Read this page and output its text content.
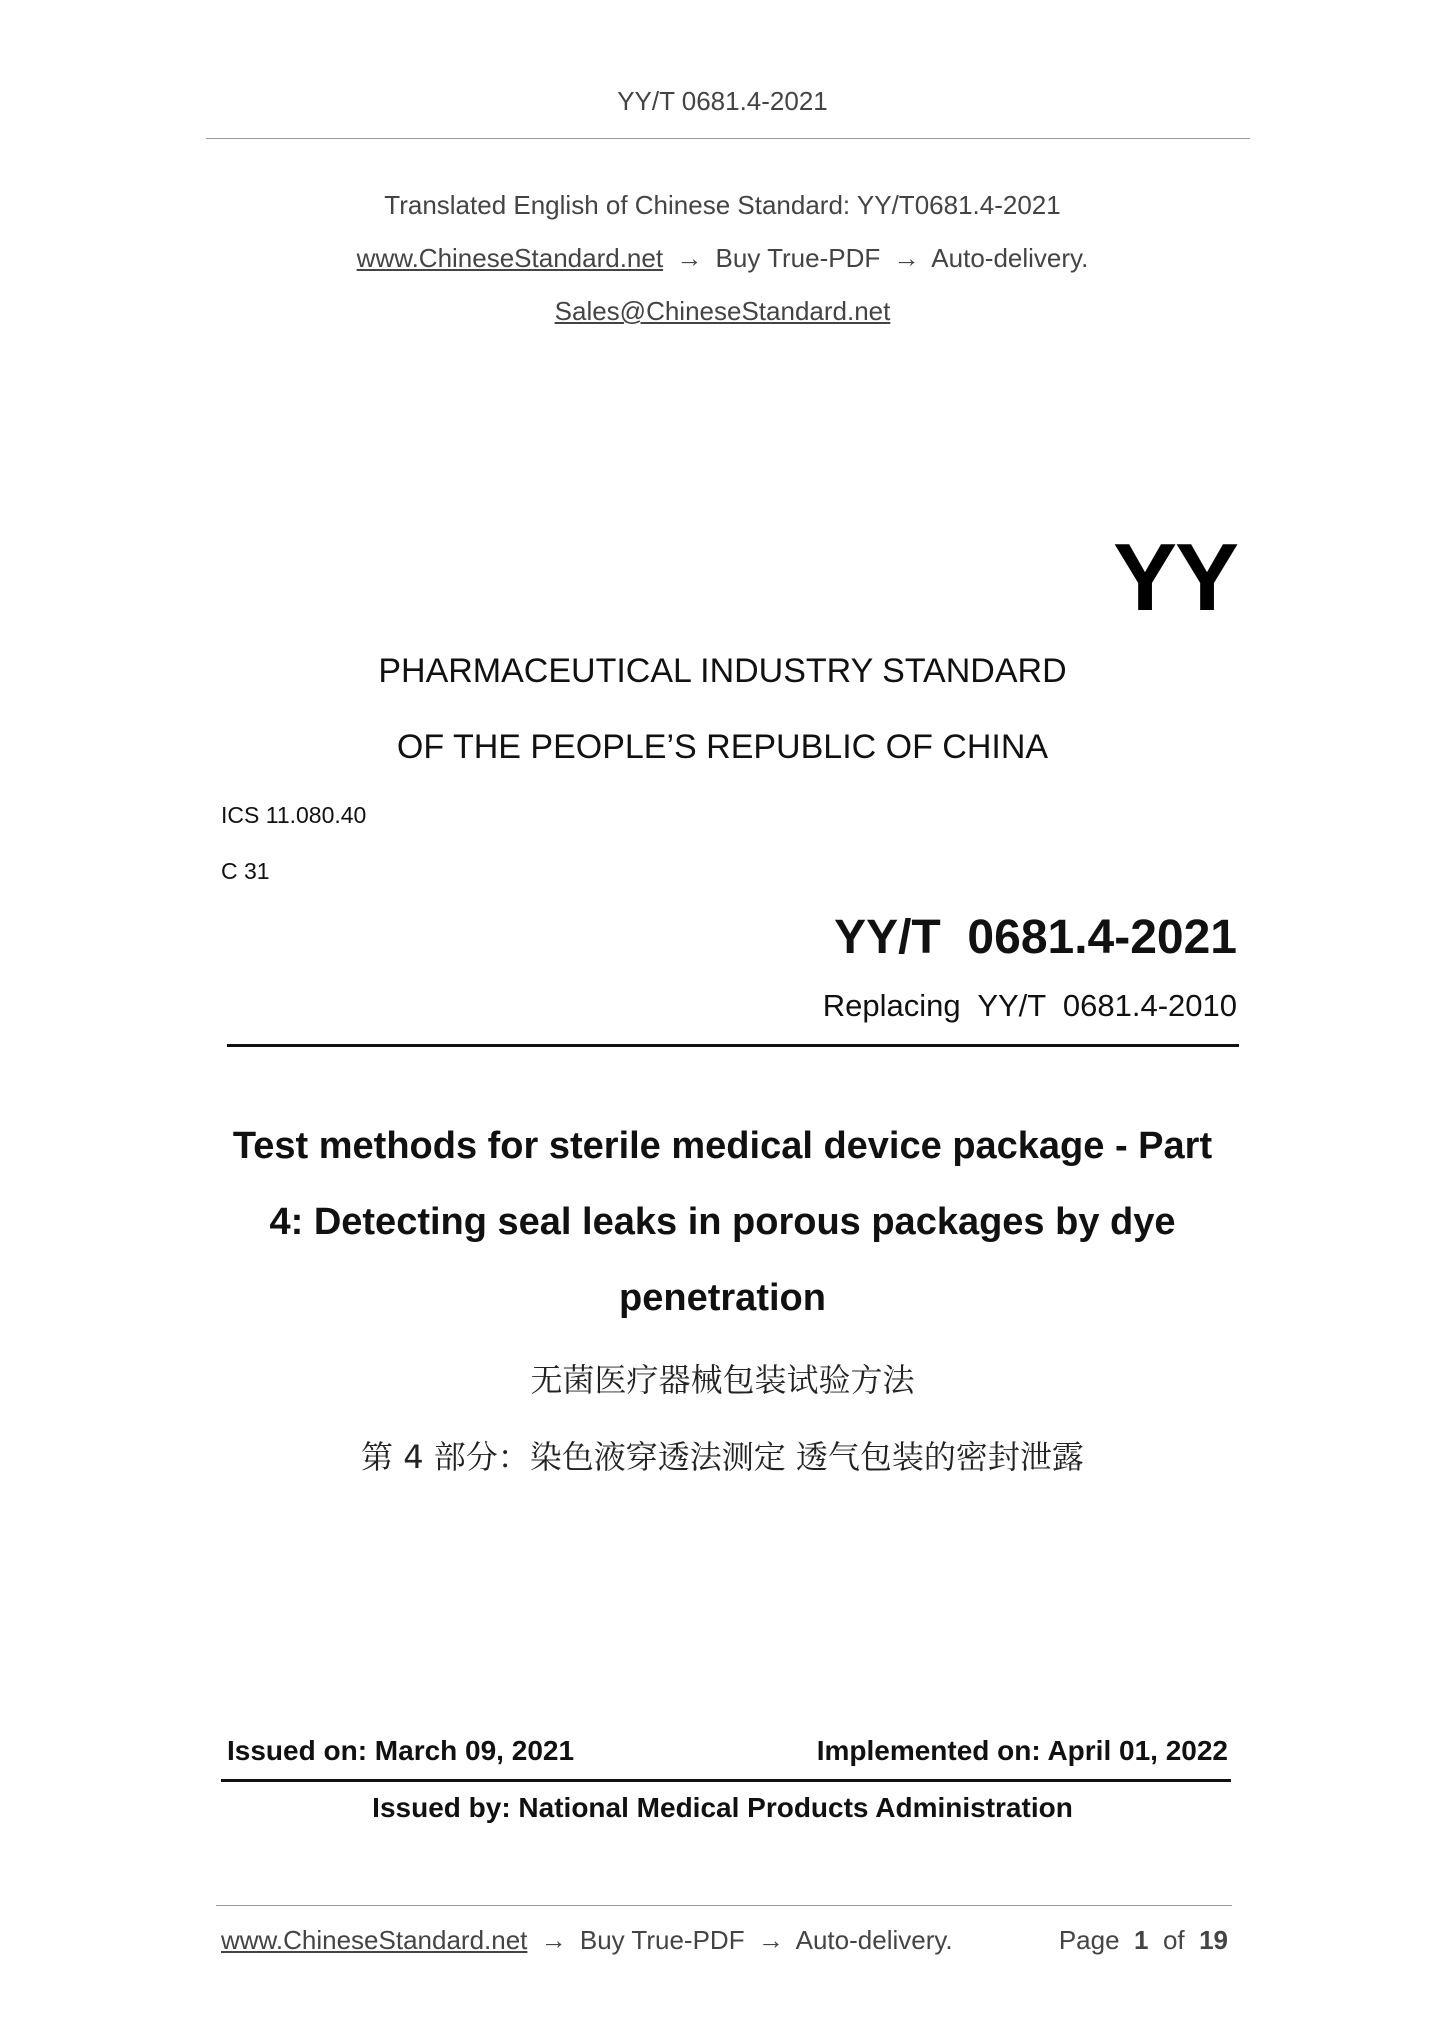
YY/T 0681.4-2021
Translated English of Chinese Standard: YY/T0681.4-2021
www.ChineseStandard.net → Buy True-PDF → Auto-delivery.
Sales@ChineseStandard.net
YY
PHARMACEUTICAL INDUSTRY STANDARD
OF THE PEOPLE’S REPUBLIC OF CHINA
ICS 11.080.40
C 31
YY/T  0681.4-2021
Replacing  YY/T  0681.4-2010
Test methods for sterile medical device package - Part
4: Detecting seal leaks in porous packages by dye
penetration
无菌医疗器械包装试验方法
第 4 部分：染色液穿透法测定 透气包装的密封泄露
Issued on: March 09, 2021	Implemented on: April 01, 2022
Issued by: National Medical Products Administration
www.ChineseStandard.net → Buy True-PDF → Auto-delivery.	Page 1 of 19
